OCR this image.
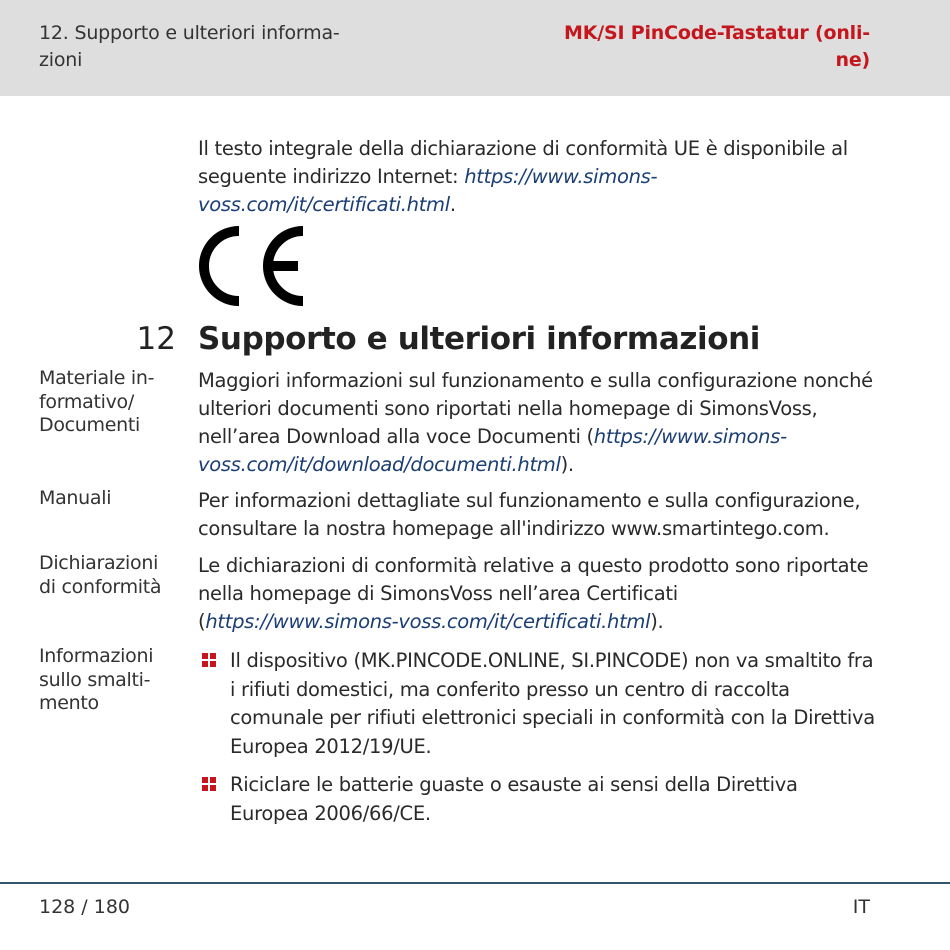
12. Supporto e ulteriori informa-
zioni
MK/SI PinCode-Tastatur (onli-
ne)

Il testo integrale della dichiarazione di conformità UE è disponibile al seguente indirizzo Internet: https://www.simons-voss.com/it/certificati.html.

12 Supporto e ulteriori informazioni
Materiale in-
formativo/
Documenti

Maggiori informazioni sul funzionamento e sulla configurazione nonché ulteriori documenti sono riportati nella homepage di SimonsVoss, nell’area Download alla voce Documenti (https://www.simons-voss.com/it/download/documenti.html).

Manuali	Per informazioni dettagliate sul funzionamento e sulla configurazione, consultare la nostra homepage all'indirizzo www.smartintego.com.

Dichiarazioni
di conformità

Le dichiarazioni di conformità relative a questo prodotto sono riportate nella homepage di SimonsVoss nell’area Certificati (https://www.simons-voss.com/it/certificati.html).

Informazioni
sullo smalti-
mento
Il dispositivo (MK.PINCODE.ONLINE, SI.PINCODE) non va smaltito fra i rifiuti domestici, ma conferito presso un centro di raccolta comunale per rifiuti elettronici speciali in conformità con la Direttiva Europea 2012/19/UE.
Riciclare le batterie guaste o esauste ai sensi della Direttiva Europea 2006/66/CE.
128 / 180	IT
